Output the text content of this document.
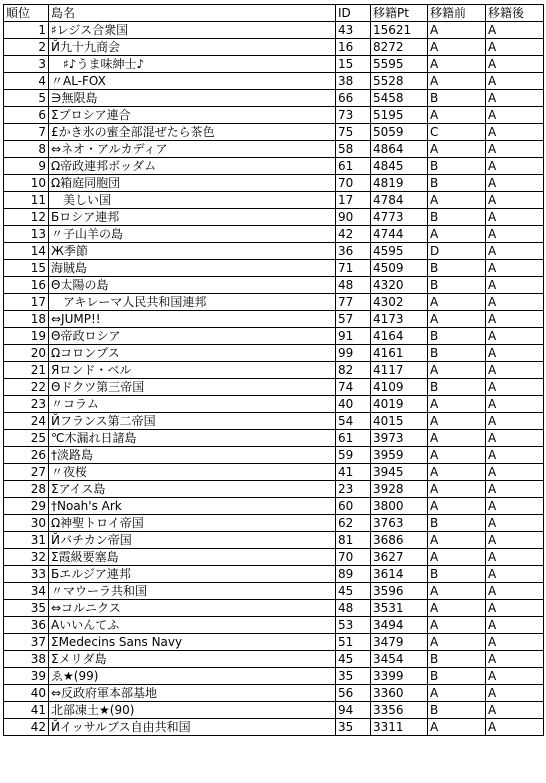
順位	島名	ID	移籍Pt	移籍前	移籍後
1	♯レジス合衆国	43	15621	A	A
2	Й九十九商会	16	8272	A	A
3	　♯♪うま味紳士♪	15	5595	A	A
4	〃AL-FOX	38	5528	A	A
5	∋無限島	66	5458	B	A
6	Σプロシア連合	73	5195	A	A
7	£かき氷の蜜全部混ぜたら茶色	75	5059	C	A
8	⇔ネオ・アルカディア	58	4864	A	A
9	Ω帝政連邦ボッダム	61	4845	B	A
10	Ω箱庭同胞団	70	4819	B	A
11	　美しい国	17	4784	A	A
12	Бロシア連邦	90	4773	B	A
13	〃子山羊の島	42	4744	A	A
14	Ж季節	36	4595	D	A
15	海賊島	71	4509	B	A
16	Θ太陽の島	48	4320	B	A
17	　アキレーマ人民共和国連邦	77	4302	A	A
18	⇔JUMP!!	57	4173	A	A
19	Θ帝政ロシア	91	4164	B	A
20	Ωコロンブス	99	4161	B	A
21	Яロンド・ベル	82	4117	A	A
22	Θドクツ第三帝国	74	4109	B	A
23	〃コラム	40	4019	A	A
24	Йフランス第二帝国	54	4015	A	A
25	℃木漏れ日諸島	61	3973	A	A
26	†淡路島	59	3959	A	A
27	〃夜桜	41	3945	A	A
28	Σアイス島	23	3928	A	A
29	†Noah's Ark	60	3800	A	A
30	Ω神聖トロイ帝国	62	3763	B	A
31	Йバチカン帝国	81	3686	A	A
32	Σ霞級要塞島	70	3627	A	A
33	Бエルジア連邦	89	3614	B	A
34	〃マウーラ共和国	45	3596	A	A
35	⇔コルニクス	48	3531	A	A
36	Aいいんてふ	53	3494	A	A
37	ΣMedecins Sans Navy	51	3479	A	A
38	Σメリダ島	45	3454	B	A
39	ゑ★(99)	35	3399	B	A
40	⇔反政府軍本部基地	56	3360	A	A
41	北部凍土★(90)	94	3356	B	A
42	Йイッサルブス自由共和国	35	3311	A	A
